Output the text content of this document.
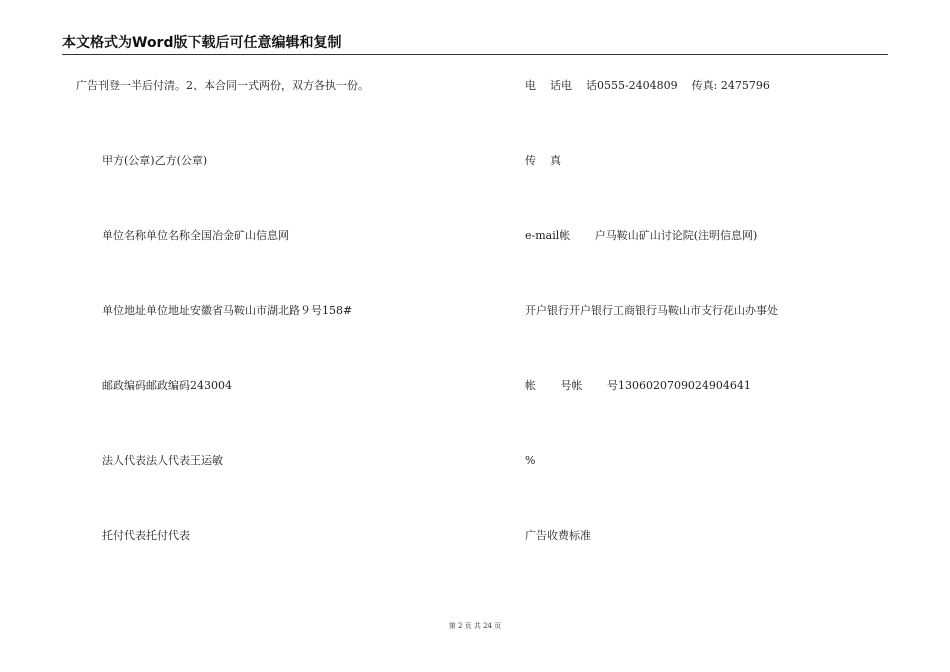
本文格式为Word版下载后可任意编辑和复制
广告刊登一半后付清。2、本合同一式两份，双方各执一份。
甲方(公章)乙方(公章)
单位名称单位名称全国冶金矿山信息网
单位地址单位地址安徽省马鞍山市湖北路９号158#
邮政编码邮政编码243004
法人代表法人代表王运敏
托付代表托付代表
电    话电    话0555-2404809    传真: 2475796
传    真
e-mail帐       户马鞍山矿山讨论院(注明信息网)
开户银行开户银行工商银行马鞍山市支行花山办事处
帐       号帐       号1306020709024904641
%
广告收费标准
第 2 页 共 24 页
